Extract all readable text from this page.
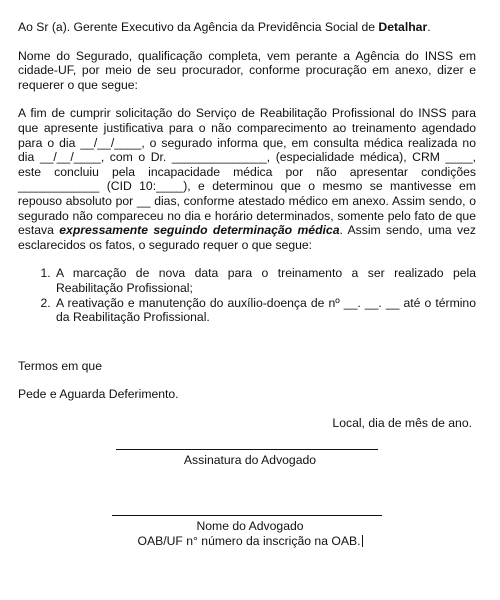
Ao Sr (a). Gerente Executivo da Agência da Previdência Social de Detalhar.

Nome do Segurado, qualificação completa, vem perante a Agência do INSS em cidade-UF, por meio de seu procurador, conforme procuração em anexo, dizer e requerer o que segue:

A fim de cumprir solicitação do Serviço de Reabilitação Profissional do INSS para que apresente justificativa para o não comparecimento ao treinamento agendado para o dia __/__/____, o segurado informa que, em consulta médica realizada no dia __/__/____, com o Dr. ______________, (especialidade médica), CRM ____, este concluiu pela incapacidade médica por não apresentar condições ____________ (CID 10:____), e determinou que o mesmo se mantivesse em repouso absoluto por __ dias, conforme atestado médico em anexo. Assim sendo, o segurado não compareceu no dia e horário determinados, somente pelo fato de que estava expressamente seguindo determinação médica. Assim sendo, uma vez esclarecidos os fatos, o segurado requer o que segue:

1. A marcação de nova data para o treinamento a ser realizado pela Reabilitação Profissional;
2. A reativação e manutenção do auxílio-doença de nº __. __. __ até o término da Reabilitação Profissional.

Termos em que

Pede e Aguarda Deferimento.

Local, dia de mês de ano.

Assinatura do Advogado
Nome do Advogado
OAB/UF n° número da inscrição na OAB.
